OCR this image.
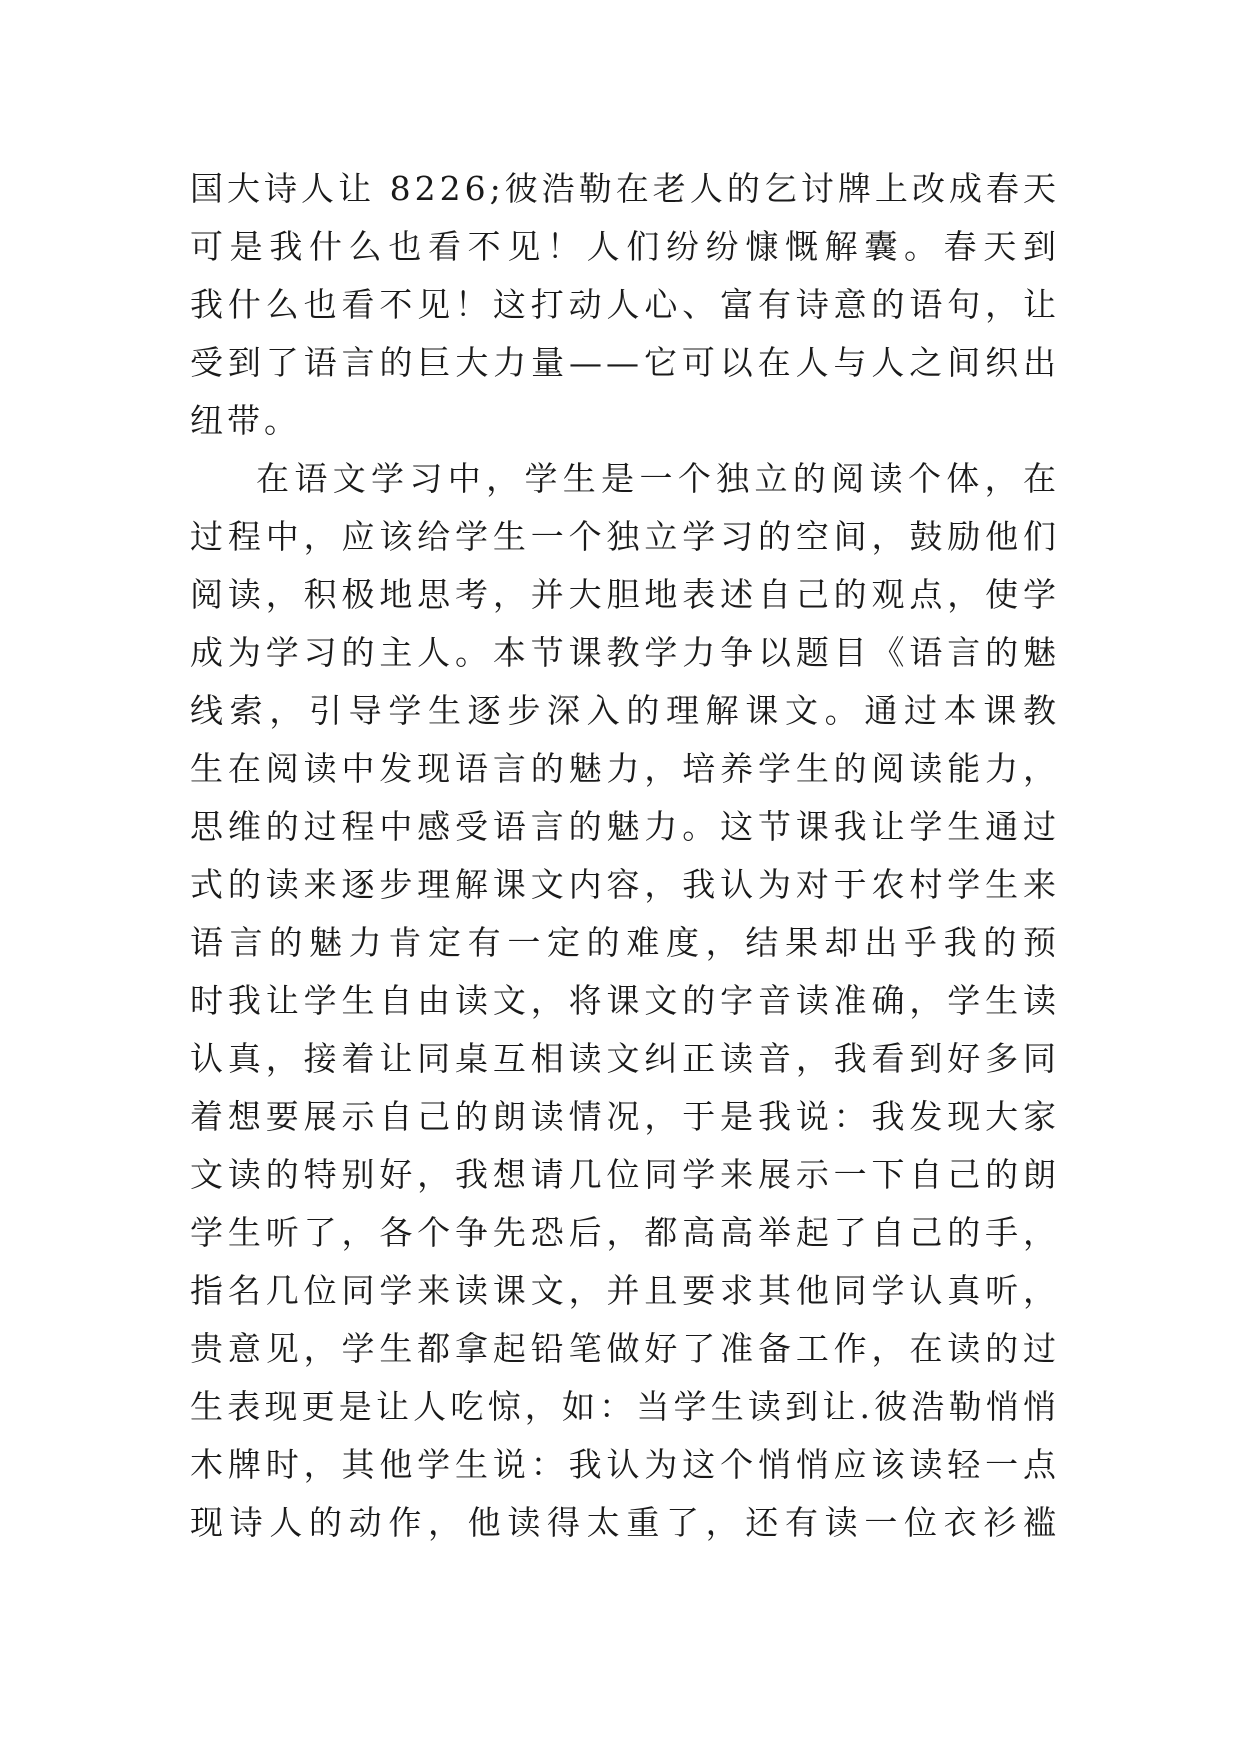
国大诗人让 8226;彼浩勒在老人的乞讨牌上改成春天
可是我什么也看不见！人们纷纷慷慨解囊。春天到
我什么也看不见！这打动人心、富有诗意的语句，让
受到了语言的巨大力量——它可以在人与人之间织出
纽带。
在语文学习中，学生是一个独立的阅读个体，在
过程中，应该给学生一个独立学习的空间，鼓励他们
阅读，积极地思考，并大胆地表述自己的观点，使学
成为学习的主人。本节课教学力争以题目《语言的魅
线索，引导学生逐步深入的理解课文。通过本课教
生在阅读中发现语言的魅力，培养学生的阅读能力，
思维的过程中感受语言的魅力。这节课我让学生通过
式的读来逐步理解课文内容，我认为对于农村学生来
语言的魅力肯定有一定的难度，结果却出乎我的预
时我让学生自由读文，将课文的字音读准确，学生读
认真，接着让同桌互相读文纠正读音，我看到好多同
着想要展示自己的朗读情况，于是我说：我发现大家
文读的特别好，我想请几位同学来展示一下自己的朗
学生听了，各个争先恐后，都高高举起了自己的手，
指名几位同学来读课文，并且要求其他同学认真听，
贵意见，学生都拿起铅笔做好了准备工作，在读的过
生表现更是让人吃惊，如：当学生读到让.彼浩勒悄悄
木牌时，其他学生说：我认为这个悄悄应该读轻一点
现诗人的动作，他读得太重了，还有读一位衣衫褴
